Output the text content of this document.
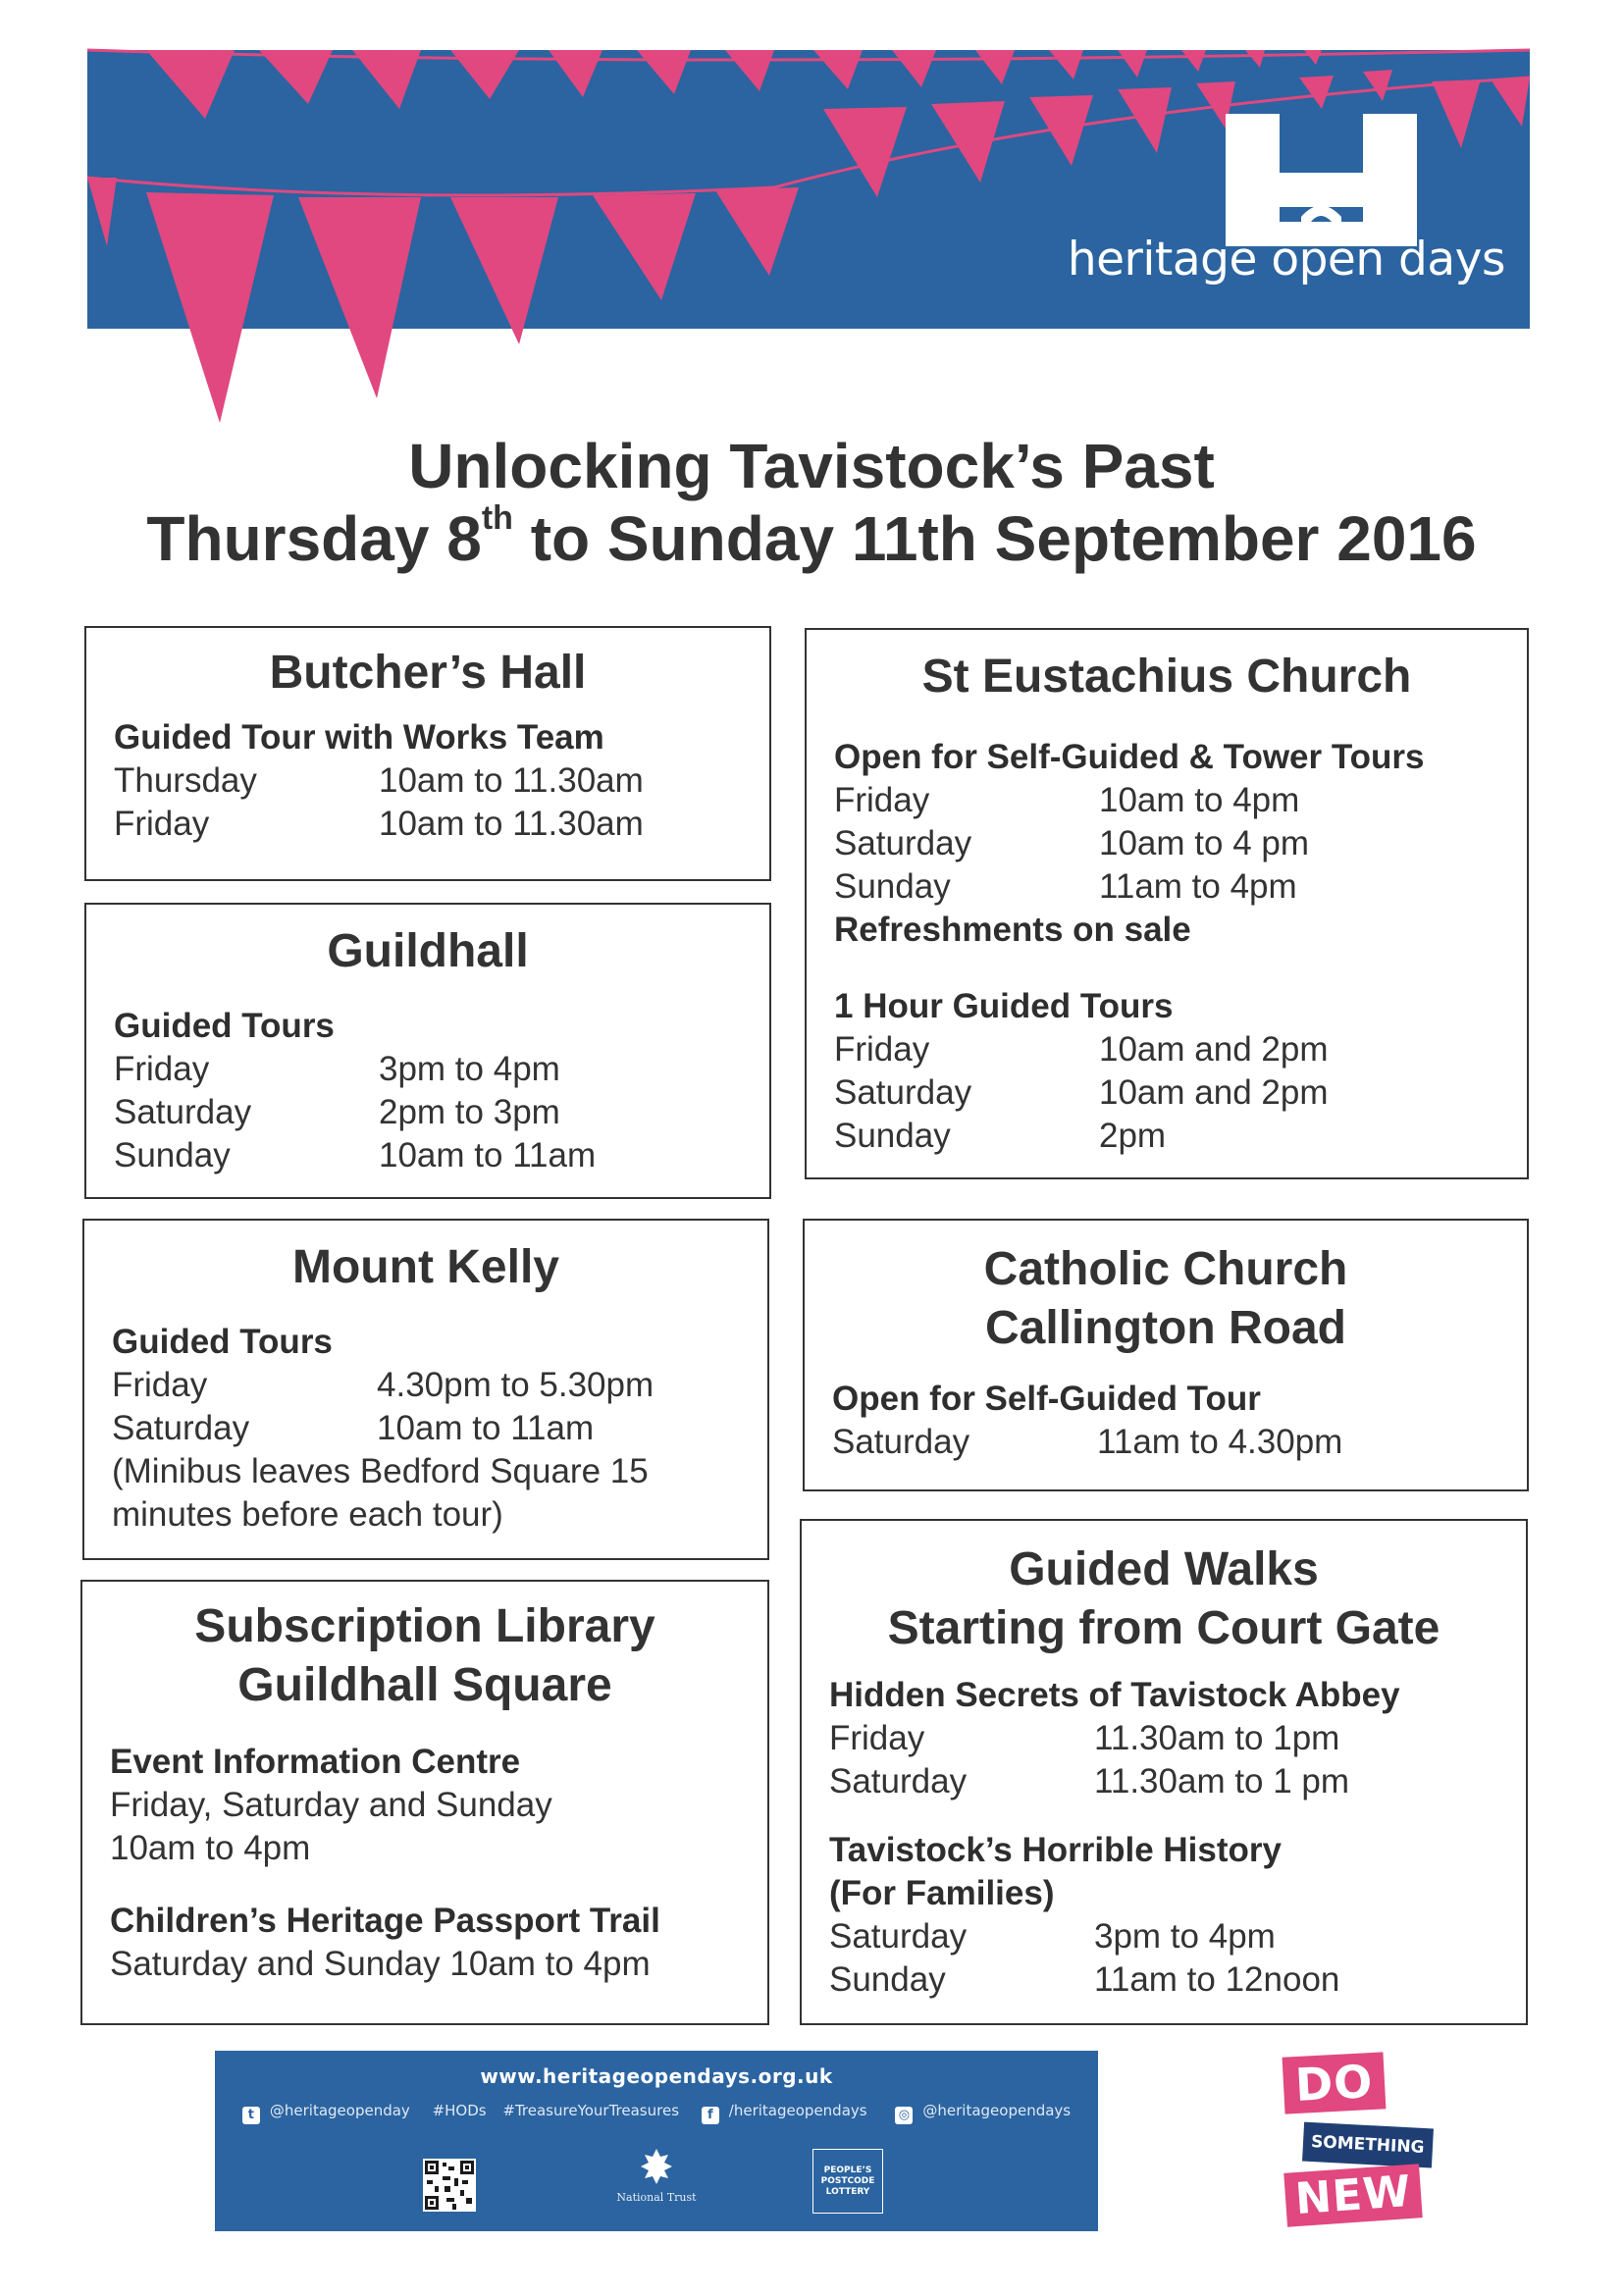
heritage open days
Unlocking Tavistock’s Past
Thursday 8th to Sunday 11th September 2016
Butcher’s Hall
Guided Tour with Works Team
Thursday	10am to 11.30am
Friday	10am to 11.30am
Guildhall
Guided Tours
Friday	3pm to 4pm
Saturday	2pm to 3pm
Sunday	10am to 11am
Mount Kelly
Guided Tours
Friday	4.30pm to 5.30pm
Saturday	10am to 11am
(Minibus leaves Bedford Square 15
minutes before each tour)
Subscription Library
Guildhall Square
Event Information Centre
Friday, Saturday and Sunday
10am to 4pm
Children’s Heritage Passport Trail
Saturday and Sunday 10am to 4pm
St Eustachius Church
Open for Self-Guided & Tower Tours
Friday	10am to 4pm
Saturday	10am to 4 pm
Sunday	11am to 4pm
Refreshments on sale
1 Hour Guided Tours
Friday	10am and 2pm
Saturday	10am and 2pm
Sunday	2pm
Catholic Church
Callington Road
Open for Self-Guided Tour
Saturday	11am to 4.30pm
Guided Walks
Starting from Court Gate
Hidden Secrets of Tavistock Abbey
Friday	11.30am to 1pm
Saturday	11.30am to 1 pm
Tavistock’s Horrible History
(For Families)
Saturday	3pm to 4pm
Sunday	11am to 12noon
www.heritageopendays.org.uk
t @heritageopenday #HODs #TreasureYourTreasures f /heritageopendays ◎ @heritageopendays
National Trust
PEOPLE’S
POSTCODE
LOTTERY
DO
SOMETHING
NEW
